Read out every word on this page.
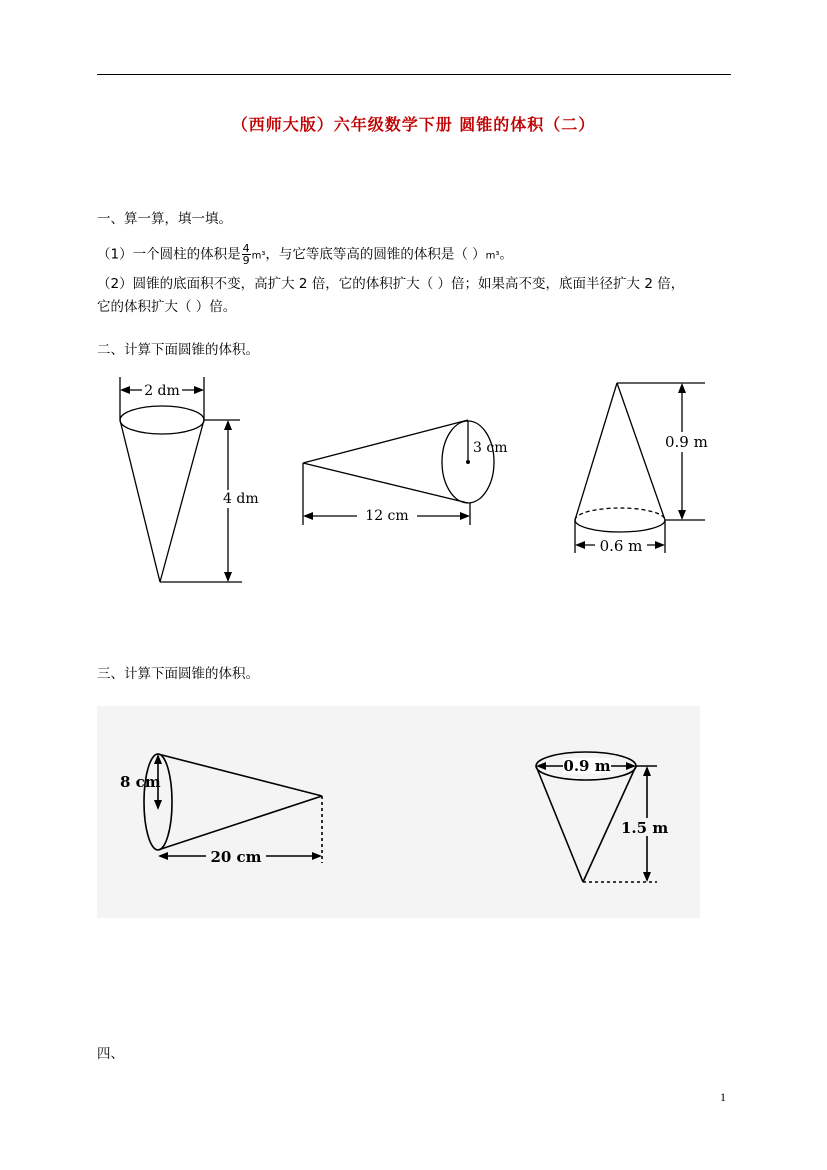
（西师大版）六年级数学下册 圆锥的体积（二）
一、算一算，填一填。
（1）一个圆柱的体积是 $\frac{4}{9} m^3$，与它等底等高的圆锥的体积是（ ）m³。
（2）圆锥的底面积不变，高扩大 2 倍，它的体积扩大（ ）倍；如果高不变，底面半径扩大 2 倍，
它的体积扩大（ ）倍。
二、计算下面圆锥的体积。
2 dm
4 dm
3 cm
12 cm
0.9 m
0.6 m
三、计算下面圆锥的体积。
8 cm
20 cm
0.9 m
1.5 m
四、
1
